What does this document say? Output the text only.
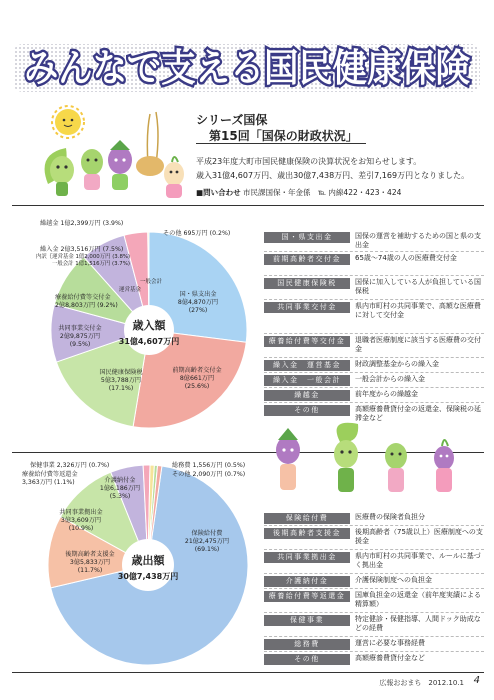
みんなで支える国民健康保険
シリーズ国保
第15回「国保の財政状況」
平成23年度大町市国民健康保険の決算状況をお知らせします。
歳入31億4,607万円、歳出30億7,438万円、差引7,169万円となりました。
■問い合わせ 市民課国保・年金係　℡ 内線422・423・424
歳入額
31億4,607万円
繰越金 1億2,399万円 (3.9%)
その他 695万円 (0.2%)
繰入金 2億3,516万円 (7.5%)
内訳｛運営基金 1億2,000万円 (3.8%)
一般会計 1億1,516万円 (3.7%)
一般会計
運営基金
療養給付費等交付金
2億8,803万円 (9.2%)
国・県支出金
8億4,870万円
(27%)
共同事業交付金
2億9,875万円
(9.5%)
前期高齢者交付金
8億661万円
(25.6%)
国民健康保険税
5億3,788万円
(17.1%)
国・県支出金	国保の運営を補助するための国と県の支出金
前期高齢者交付金	65歳～74歳の人の医療費交付金
国民健康保険税	国保に加入している人が負担している国保税
共同事業交付金	県内市町村の共同事業で、高額な医療費に対して交付金
療養給付費等交付金	退職者医療制度に該当する医療費の交付金
繰入金　運営基金	財政調整基金からの繰入金
繰入金　一般会計	一般会計からの繰入金
繰越金	前年度からの繰越金
その他	高額療養費貸付金の返還金、保険税の延滞金など
歳出額
30億7,438万円
保健事業 2,326万円 (0.7%)
療養給付費等返還金
3,363万円 (1.1%)
総務費 1,556万円 (0.5%)
その他 2,090万円 (0.7%)
介護納付金
1億6,186万円
(5.3%)
共同事業拠出金
3億3,609万円
(10.9%)
保険給付費
21億2,475万円
(69.1%)
後期高齢者支援金
3億5,833万円
(11.7%)
保険給付費	医療費の保険者負担分
後期高齢者支援金	後期高齢者（75歳以上）医療制度への支援金
共同事業拠出金	県内市町村の共同事業で、ルールに基づく拠出金
介護納付金	介護保険制度への負担金
療養給付費等返還金	国庫負担金の返還金（前年度実績による精算額）
保健事業	特定健診・保健指導、人間ドック助成などの経費
総務費	運営に必要な事務経費
その他	高額療養費貸付金など
広報おおまち　2012.10.1 4
